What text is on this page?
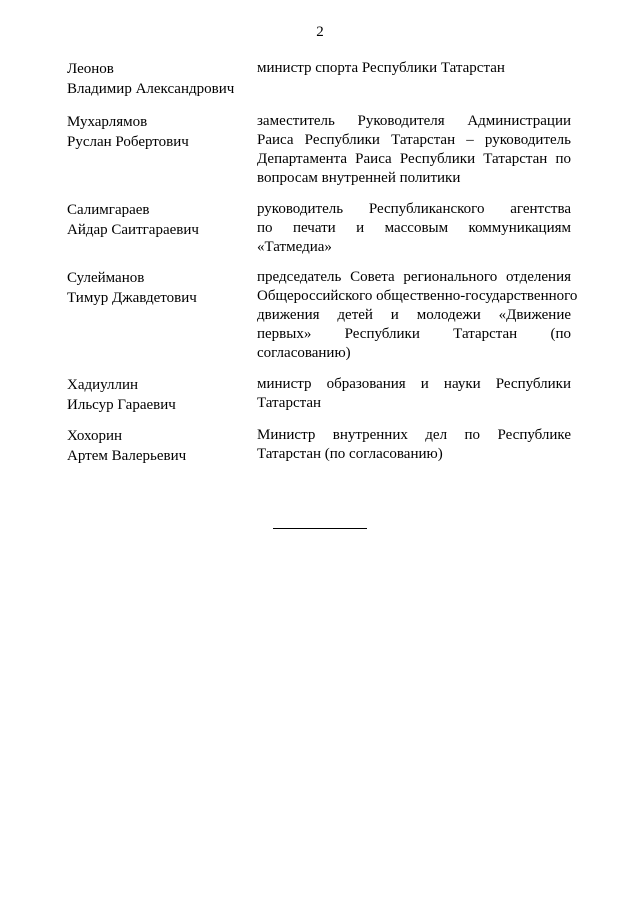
2
Леонов
Владимир Александрович
министр спорта Республики Татарстан
Мухарлямов
Руслан Робертович
заместитель Руководителя Администрации
Раиса Республики Татарстан – руководитель
Департамента Раиса Республики Татарстан по
вопросам внутренней политики
Салимгараев
Айдар Саитгараевич
руководитель Республиканского агентства
по печати и массовым коммуникациям
«Татмедиа»
Сулейманов
Тимур Джавдетович
председатель Совета регионального отделения
Общероссийского общественно-государственного
движения детей и молодежи «Движение
первых» Республики Татарстан (по
согласованию)
Хадиуллин
Ильсур Гараевич
министр образования и науки Республики
Татарстан
Хохорин
Артем Валерьевич
Министр внутренних дел по Республике
Татарстан (по согласованию)
